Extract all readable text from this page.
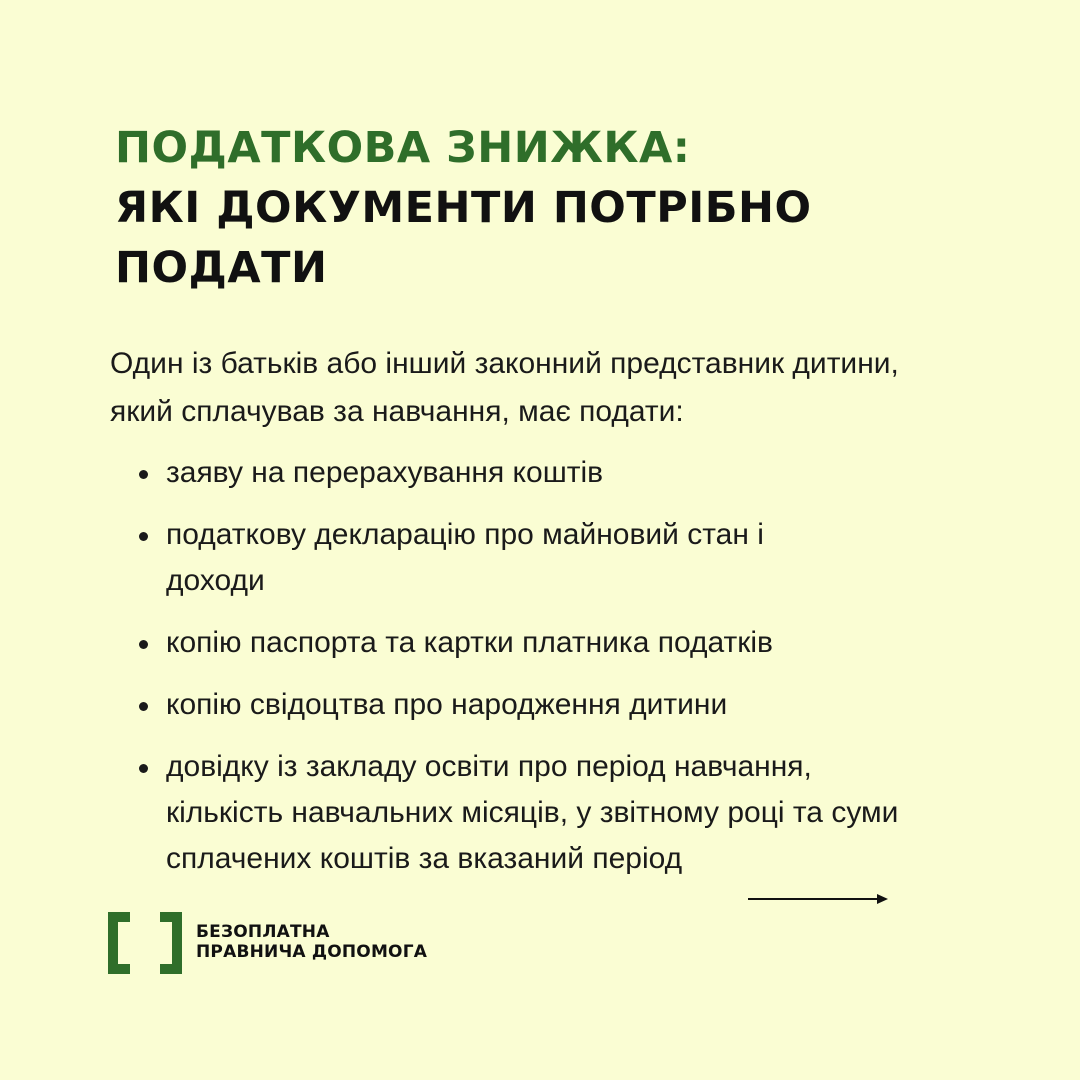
ПОДАТКОВА ЗНИЖКА:
ЯКІ ДОКУМЕНТИ ПОТРІБНО
ПОДАТИ

Один із батьків або інший законний представник дитини, який сплачував за навчання, має подати:

заяву на перерахування коштів
податкову декларацію про майновий стан і доходи
копію паспорта та картки платника податків
копію свідоцтва про народження дитини
довідку із закладу освіти про період навчання, кількість навчальних місяців, у звітному році та суми сплачених коштів за вказаний період
БЕЗОПЛАТНА
ПРАВНИЧА ДОПОМОГА
